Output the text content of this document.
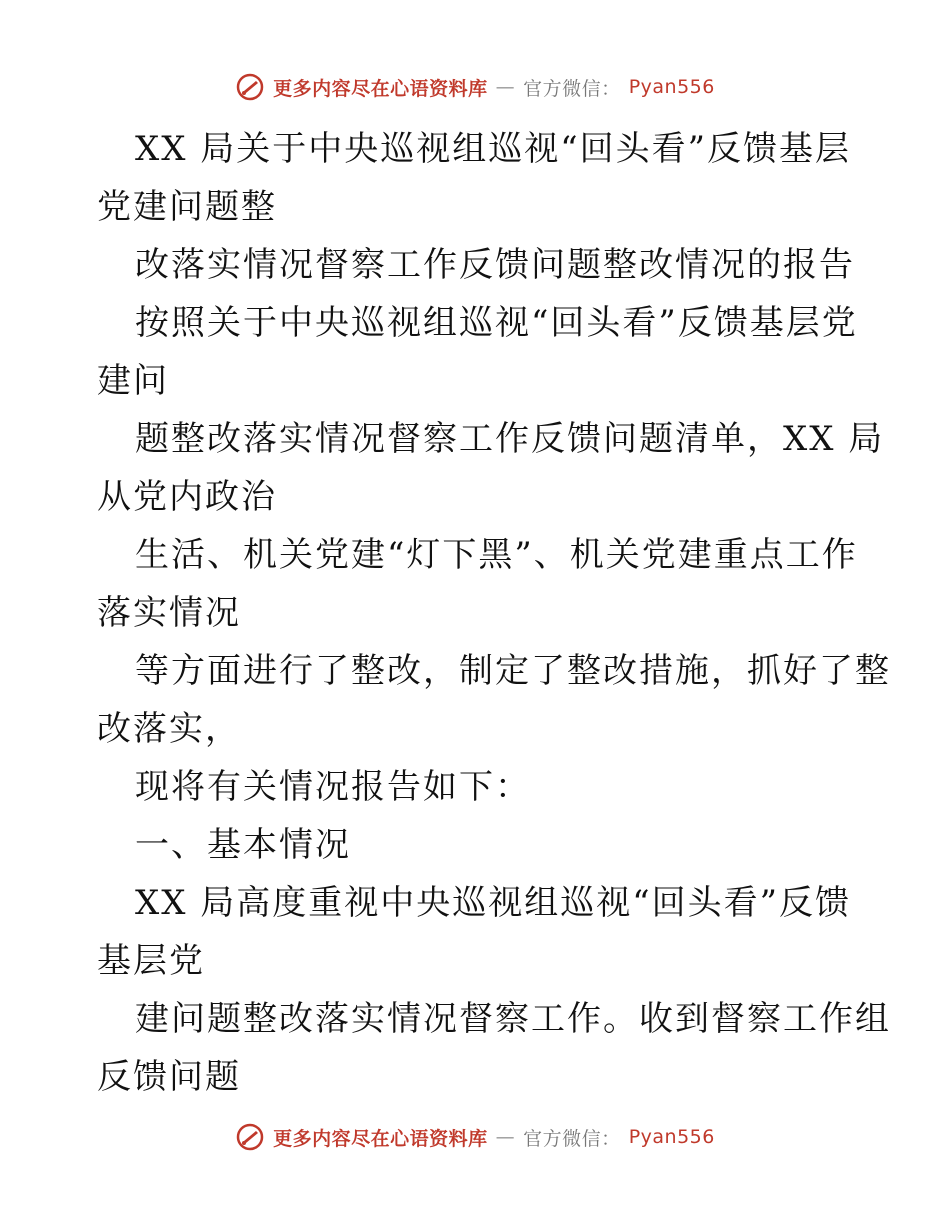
更多内容尽在心语资料库 — 官方微信： Pyan556
XX 局关于中央巡视组巡视“回头看”反馈基层
党建问题整
改落实情况督察工作反馈问题整改情况的报告
按照关于中央巡视组巡视“回头看”反馈基层党
建问
题整改落实情况督察工作反馈问题清单，XX 局
从党内政治
生活、机关党建“灯下黑”、机关党建重点工作
落实情况
等方面进行了整改，制定了整改措施，抓好了整
改落实，
现将有关情况报告如下：
一、基本情况
XX 局高度重视中央巡视组巡视“回头看”反馈
基层党
建问题整改落实情况督察工作。收到督察工作组
反馈问题
更多内容尽在心语资料库 — 官方微信： Pyan556
